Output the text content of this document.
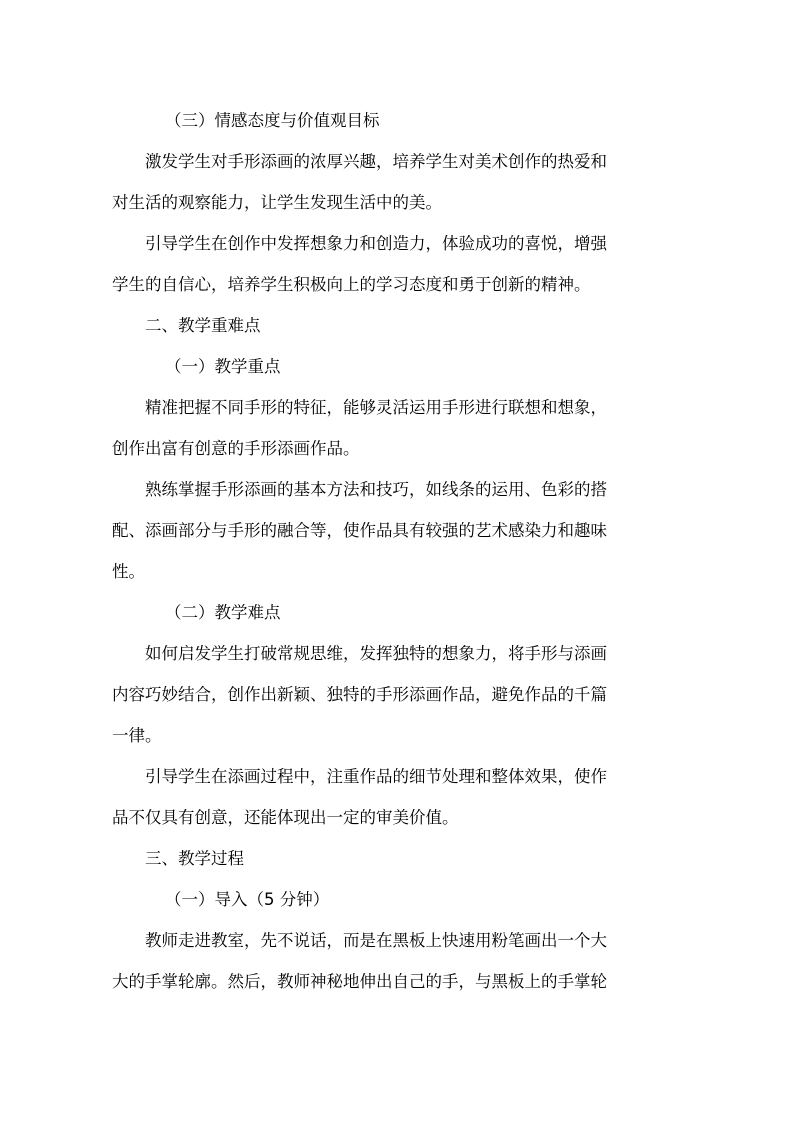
（三）情感态度与价值观目标

激发学生对手形添画的浓厚兴趣，培养学生对美术创作的热爱和
对生活的观察能力，让学生发现生活中的美。

引导学生在创作中发挥想象力和创造力，体验成功的喜悦，增强
学生的自信心，培养学生积极向上的学习态度和勇于创新的精神。

二、教学重难点

（一）教学重点

精准把握不同手形的特征，能够灵活运用手形进行联想和想象，
创作出富有创意的手形添画作品。

熟练掌握手形添画的基本方法和技巧，如线条的运用、色彩的搭
配、添画部分与手形的融合等，使作品具有较强的艺术感染力和趣味
性。

（二）教学难点

如何启发学生打破常规思维，发挥独特的想象力，将手形与添画
内容巧妙结合，创作出新颖、独特的手形添画作品，避免作品的千篇
一律。

引导学生在添画过程中，注重作品的细节处理和整体效果，使作
品不仅具有创意，还能体现出一定的审美价值。

三、教学过程

（一）导入（5 分钟）

教师走进教室，先不说话，而是在黑板上快速用粉笔画出一个大
大的手掌轮廓。然后，教师神秘地伸出自己的手，与黑板上的手掌轮
